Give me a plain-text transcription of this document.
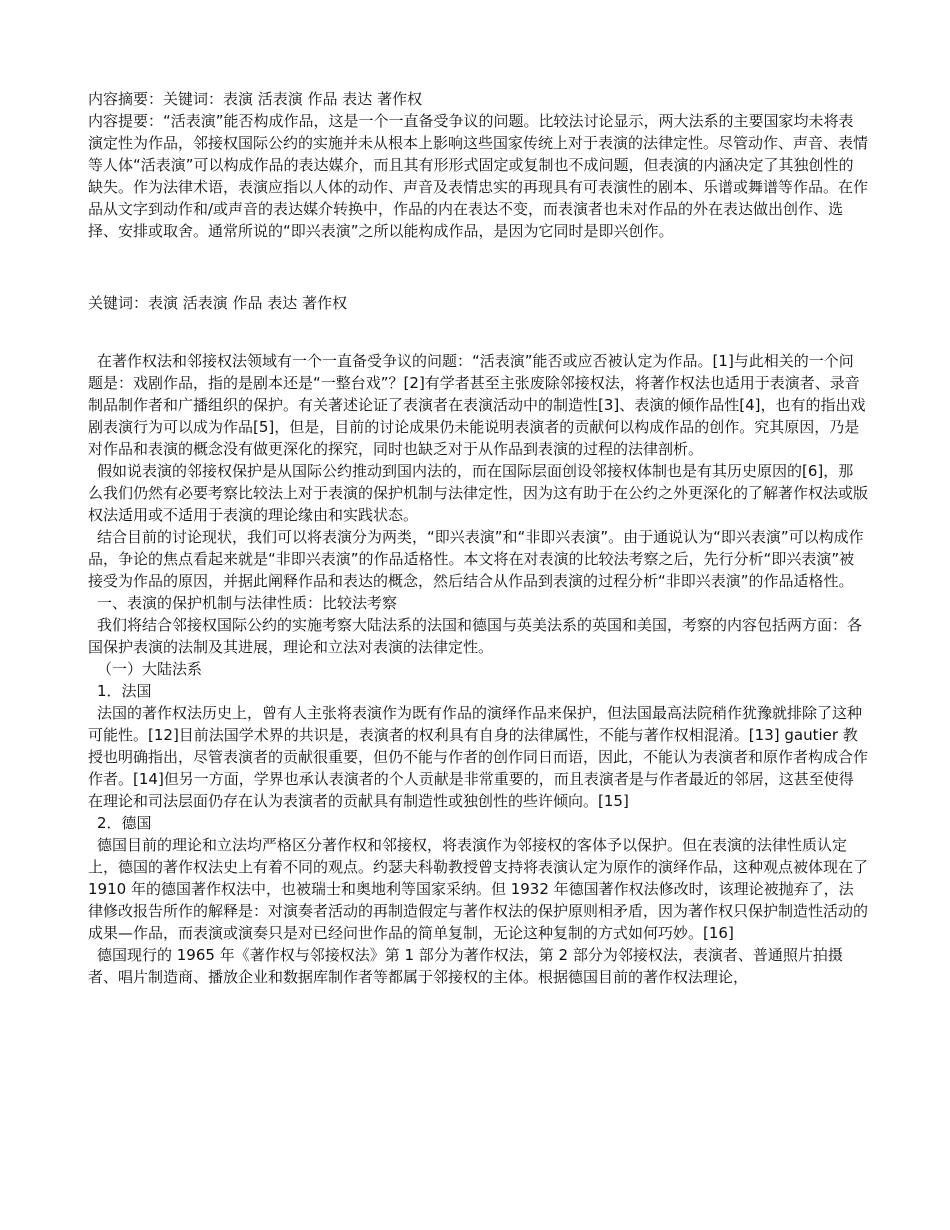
内容摘要：关键词：表演 活表演 作品 表达 著作权

内容提要：“活表演”能否构成作品，这是一个一直备受争议的问题。比较法讨论显示，两大法系的主要国家均未将表演定性为作品，邻接权国际公约的实施并未从根本上影响这些国家传统上对于表演的法律定性。尽管动作、声音、表情等人体“活表演”可以构成作品的表达媒介，而且其有形形式固定或复制也不成问题，但表演的内涵决定了其独创性的缺失。作为法律术语，表演应指以人体的动作、声音及表情忠实的再现具有可表演性的剧本、乐谱或舞谱等作品。在作品从文字到动作和/或声音的表达媒介转换中，作品的内在表达不变，而表演者也未对作品的外在表达做出创作、选择、安排或取舍。通常所说的“即兴表演”之所以能构成作品，是因为它同时是即兴创作。

关键词：表演 活表演 作品 表达 著作权

在著作权法和邻接权法领域有一个一直备受争议的问题：“活表演”能否或应否被认定为作品。[1]与此相关的一个问题是：戏剧作品，指的是剧本还是“一整台戏”？[2]有学者甚至主张废除邻接权法，将著作权法也适用于表演者、录音制品制作者和广播组织的保护。有关著述论证了表演者在表演活动中的制造性[3]、表演的倾作品性[4]，也有的指出戏剧表演行为可以成为作品[5]，但是，目前的讨论成果仍未能说明表演者的贡献何以构成作品的创作。究其原因，乃是对作品和表演的概念没有做更深化的探究，同时也缺乏对于从作品到表演的过程的法律剖析。

假如说表演的邻接权保护是从国际公约推动到国内法的，而在国际层面创设邻接权体制也是有其历史原因的[6]，那么我们仍然有必要考察比较法上对于表演的保护机制与法律定性，因为这有助于在公约之外更深化的了解著作权法或版权法适用或不适用于表演的理论缘由和实践状态。

结合目前的讨论现状，我们可以将表演分为两类，“即兴表演”和“非即兴表演”。由于通说认为“即兴表演”可以构成作品，争论的焦点看起来就是“非即兴表演”的作品适格性。本文将在对表演的比较法考察之后，先行分析“即兴表演”被接受为作品的原因，并据此阐释作品和表达的概念，然后结合从作品到表演的过程分析“非即兴表演”的作品适格性。

一、表演的保护机制与法律性质：比较法考察

我们将结合邻接权国际公约的实施考察大陆法系的法国和德国与英美法系的英国和美国，考察的内容包括两方面：各国保护表演的法制及其进展，理论和立法对表演的法律定性。

（一）大陆法系
1．法国

法国的著作权法历史上，曾有人主张将表演作为既有作品的演绎作品来保护，但法国最高法院稍作犹豫就排除了这种可能性。[12]目前法国学术界的共识是，表演者的权利具有自身的法律属性，不能与著作权相混淆。[13] gautier 教授也明确指出，尽管表演者的贡献很重要，但仍不能与作者的创作同日而语，因此，不能认为表演者和原作者构成合作作者。[14]但另一方面，学界也承认表演者的个人贡献是非常重要的，而且表演者是与作者最近的邻居，这甚至使得在理论和司法层面仍存在认为表演者的贡献具有制造性或独创性的些许倾向。[15]

2．德国

德国目前的理论和立法均严格区分著作权和邻接权，将表演作为邻接权的客体予以保护。但在表演的法律性质认定上，德国的著作权法史上有着不同的观点。约瑟夫科勒教授曾支持将表演认定为原作的演绎作品，这种观点被体现在了 1910 年的德国著作权法中，也被瑞士和奥地利等国家采纳。但 1932 年德国著作权法修改时，该理论被抛弃了，法律修改报告所作的解释是：对演奏者活动的再制造假定与著作权法的保护原则相矛盾，因为著作权只保护制造性活动的成果—作品，而表演或演奏只是对已经问世作品的简单复制，无论这种复制的方式如何巧妙。[16]

德国现行的 1965 年《著作权与邻接权法》第 1 部分为著作权法，第 2 部分为邻接权法，表演者、普通照片拍摄者、唱片制造商、播放企业和数据库制作者等都属于邻接权的主体。根据德国目前的著作权法理论，
